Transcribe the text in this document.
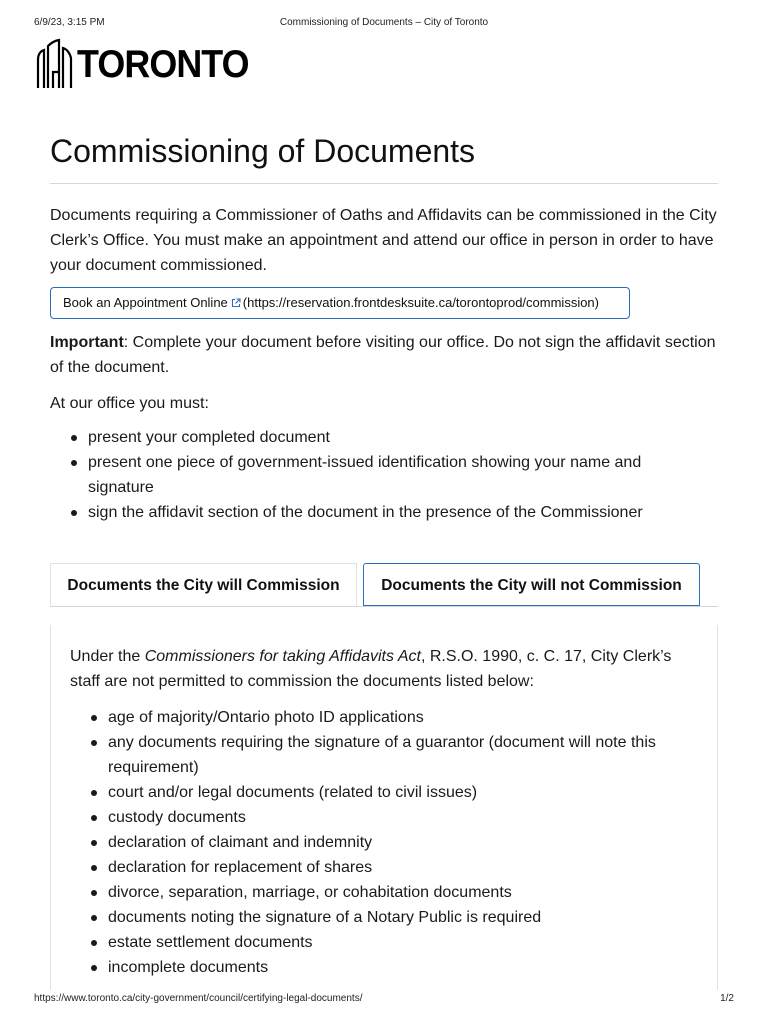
6/9/23, 3:15 PM	Commissioning of Documents – City of Toronto
TORONTO
Commissioning of Documents

Documents requiring a Commissioner of Oaths and Affidavits can be commissioned in the City Clerk’s Office. You must make an appointment and attend our office in person in order to have your document commissioned.

Book an Appointment Online (https://reservation.frontdesksuite.ca/torontoprod/commission)

Important: Complete your document before visiting our office. Do not sign the affidavit section of the document.

At our office you must:

present your completed document
present one piece of government-issued identification showing your name and signature
sign the affidavit section of the document in the presence of the Commissioner
Documents the City will Commission	Documents the City will not Commission

Under the Commissioners for taking Affidavits Act, R.S.O. 1990, c. C. 17, City Clerk’s staff are not permitted to commission the documents listed below:

age of majority/Ontario photo ID applications
any documents requiring the signature of a guarantor (document will note this requirement)
court and/or legal documents (related to civil issues)
custody documents
declaration of claimant and indemnity
declaration for replacement of shares
divorce, separation, marriage, or cohabitation documents
documents noting the signature of a Notary Public is required
estate settlement documents
incomplete documents
https://www.toronto.ca/city-government/council/certifying-legal-documents/	1/2
